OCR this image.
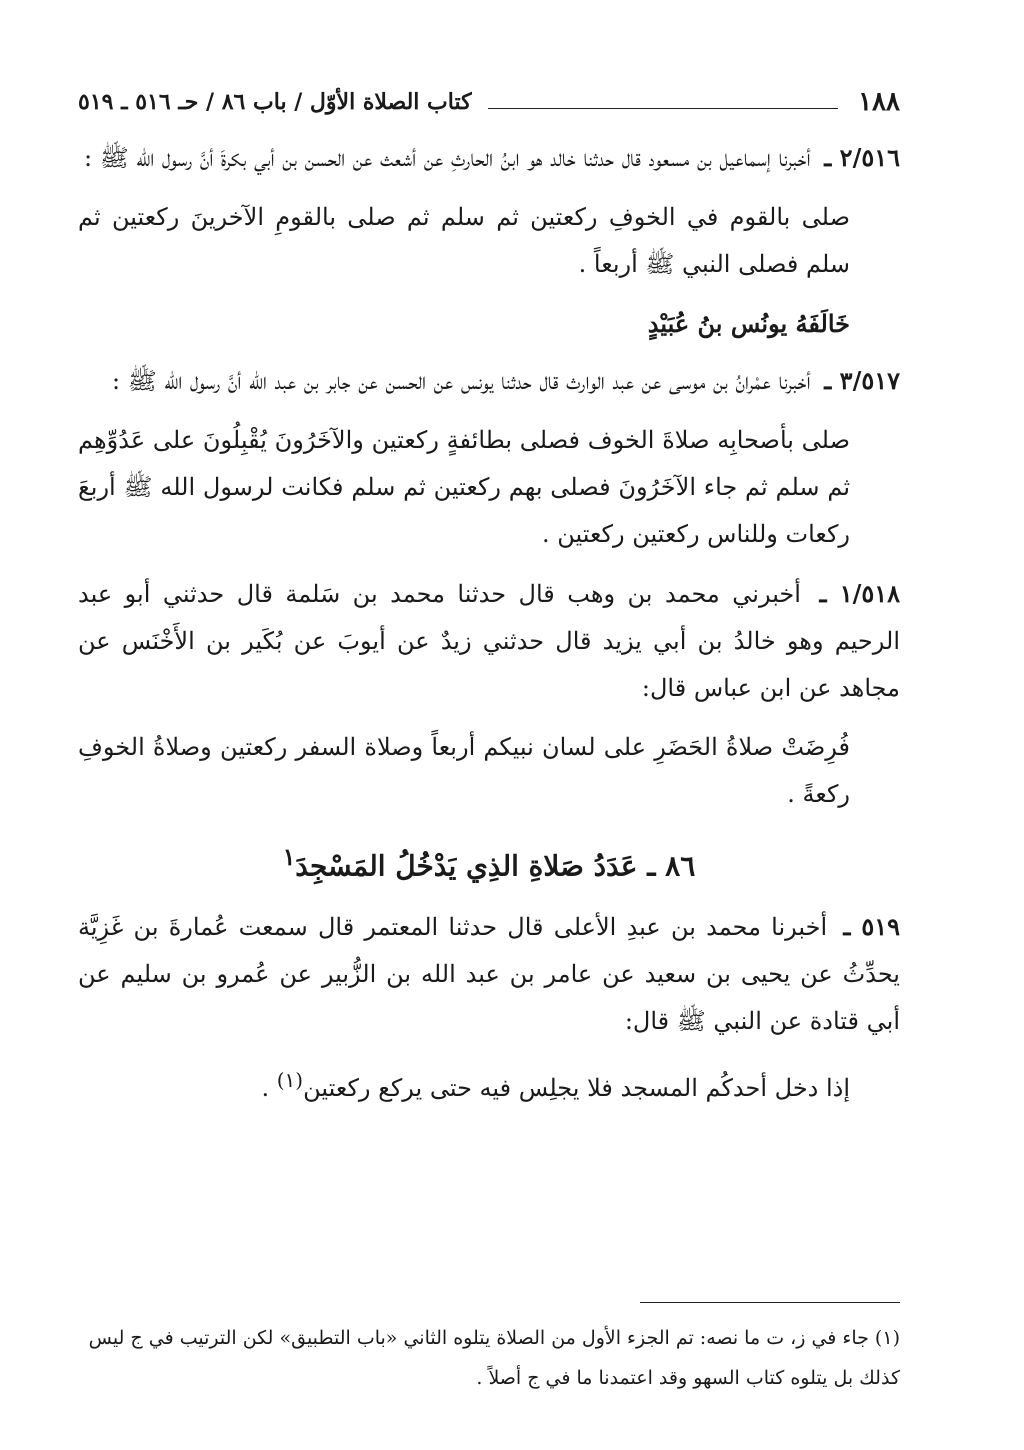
١٨٨
كتاب الصلاة الأوّل / باب ٨٦ / حـ ٥١٦ ـ ٥١٩

٢/٥١٦ ـ أخبرنا إسماعيل بن مسعود قال حدثنا خالد هو ابنُ الحارثِ عن أشعث عن الحسن بن أبي بكرةَ أنَّ رسول الله ﷺ :

صلى بالقوم في الخوفِ ركعتين ثم سلم ثم صلى بالقومِ الآخرينَ ركعتين ثم سلم فصلى النبي ﷺ أربعاً .

خَالَفَهُ يونُس بنُ عُبَيْدٍ

٣/٥١٧ ـ أخبرنا عمْرانُ بن موسى عن عبد الوارث قال حدثنا يونس عن الحسن عن جابر بن عبد الله أنَّ رسول الله ﷺ :

صلى بأصحابِه صلاةَ الخوف فصلى بطائفةٍ ركعتين والآخَرُونَ يُقْبِلُونَ على عَدُوِّهِم ثم سلم ثم جاء الآخَرُونَ فصلى بهم ركعتين ثم سلم فكانت لرسول الله ﷺ أربعَ ركعات وللناس ركعتين ركعتين .

١/٥١٨ ـ أخبرني محمد بن وهب قال حدثنا محمد بن سَلمة قال حدثني أبو عبد الرحيم وهو خالدُ بن أبي يزيد قال حدثني زيدٌ عن أيوبَ عن بُكَير بن الأَخْنَس عن مجاهد عن ابن عباس قال:

فُرِضَتْ صلاةُ الحَضَرِ على لسان نبيكم أربعاً وصلاة السفر ركعتين وصلاةُ الخوفِ ركعةً .

٨٦ ـ عَدَدُ صَلاةِ الذِي يَدْخُلُ المَسْجِدَ$^١$

٥١٩ ـ أخبرنا محمد بن عبدِ الأعلى قال حدثنا المعتمر قال سمعت عُمارةَ بن غَزِيَّة يحدِّثُ عن يحيى بن سعيد عن عامر بن عبد الله بن الزُّبير عن عُمرو بن سليم عن أبي قتادة عن النبي ﷺ قال:

إذا دخل أحدكُم المسجد فلا يجلِس فيه حتى يركع ركعتين$^{(١)}$ .

(١) جاء في ز، ت ما نصه: تم الجزء الأول من الصلاة يتلوه الثاني «باب التطبيق» لكن الترتيب في ج ليس

كذلك بل يتلوه كتاب السهو وقد اعتمدنا ما في ج أصلاً .
